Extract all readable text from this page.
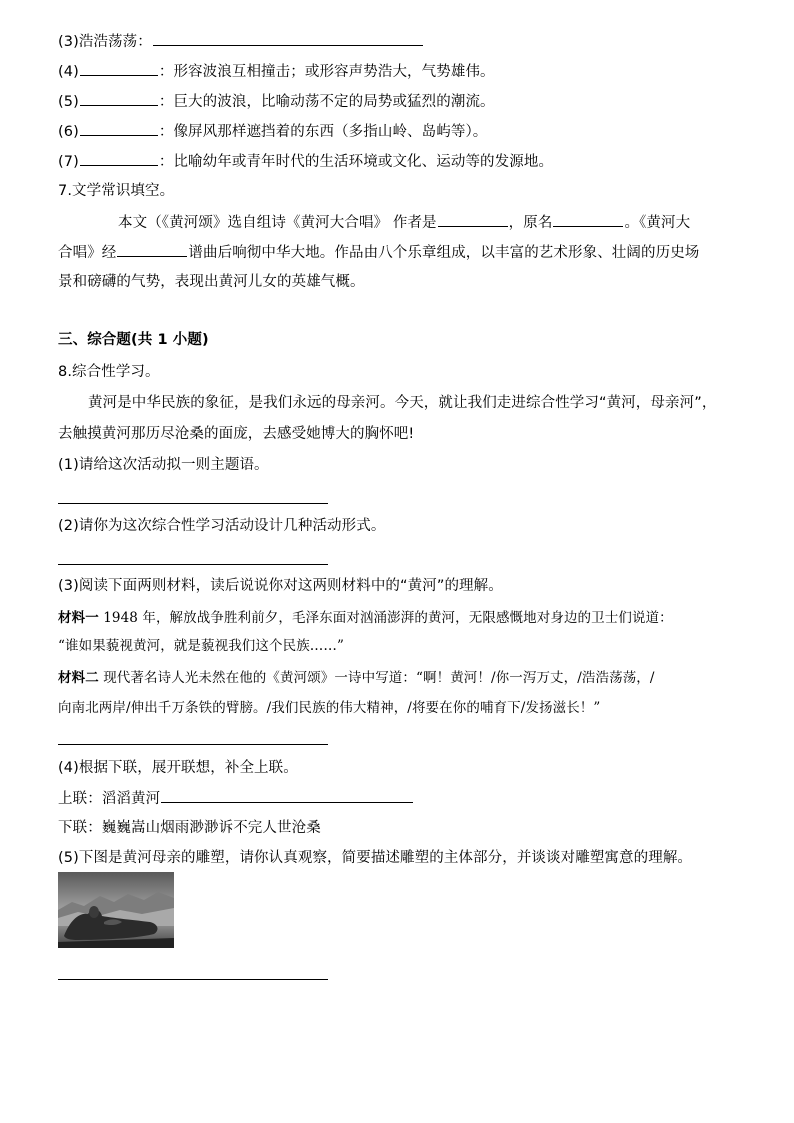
(3)浩浩荡荡：
(4)	：形容波浪互相撞击；或形容声势浩大，气势雄伟。
(5)	：巨大的波浪，比喻动荡不定的局势或猛烈的潮流。
(6)	：像屏风那样遮挡着的东西（多指山岭、岛屿等）。
(7)	：比喻幼年或青年时代的生活环境或文化、运动等的发源地。
7.文学常识填空。
本文（《黄河颂》选自组诗《黄河大合唱》 作者是	，原名	。《黄河大
合唱》经	谱曲后响彻中华大地。作品由八个乐章组成，以丰富的艺术形象、壮阔的历史场
景和磅礴的气势，表现出黄河儿女的英雄气概。
三、综合题(共 1 小题)
8.综合性学习。
黄河是中华民族的象征，是我们永远的母亲河。今天，就让我们走进综合性学习“黄河，母亲河”，
去触摸黄河那历尽沧桑的面庞，去感受她博大的胸怀吧!
(1)请给这次活动拟一则主题语。
(2)请你为这次综合性学习活动设计几种活动形式。
(3)阅读下面两则材料，读后说说你对这两则材料中的“黄河”的理解。
材料一 1948 年，解放战争胜利前夕，毛泽东面对汹涌澎湃的黄河，无限感慨地对身边的卫士们说道：
“谁如果藐视黄河，就是藐视我们这个民族……”
材料二 现代著名诗人光未然在他的《黄河颂》一诗中写道：“啊！黄河！/你一泻万丈，/浩浩荡荡，/
向南北两岸/伸出千万条铁的臂膀。/我们民族的伟大精神，/将要在你的哺育下/发扬滋长！”
(4)根据下联，展开联想，补全上联。
上联：滔滔黄河
下联：巍巍嵩山烟雨渺渺诉不完人世沧桑
(5)下图是黄河母亲的雕塑，请你认真观察，简要描述雕塑的主体部分，并谈谈对雕塑寓意的理解。
